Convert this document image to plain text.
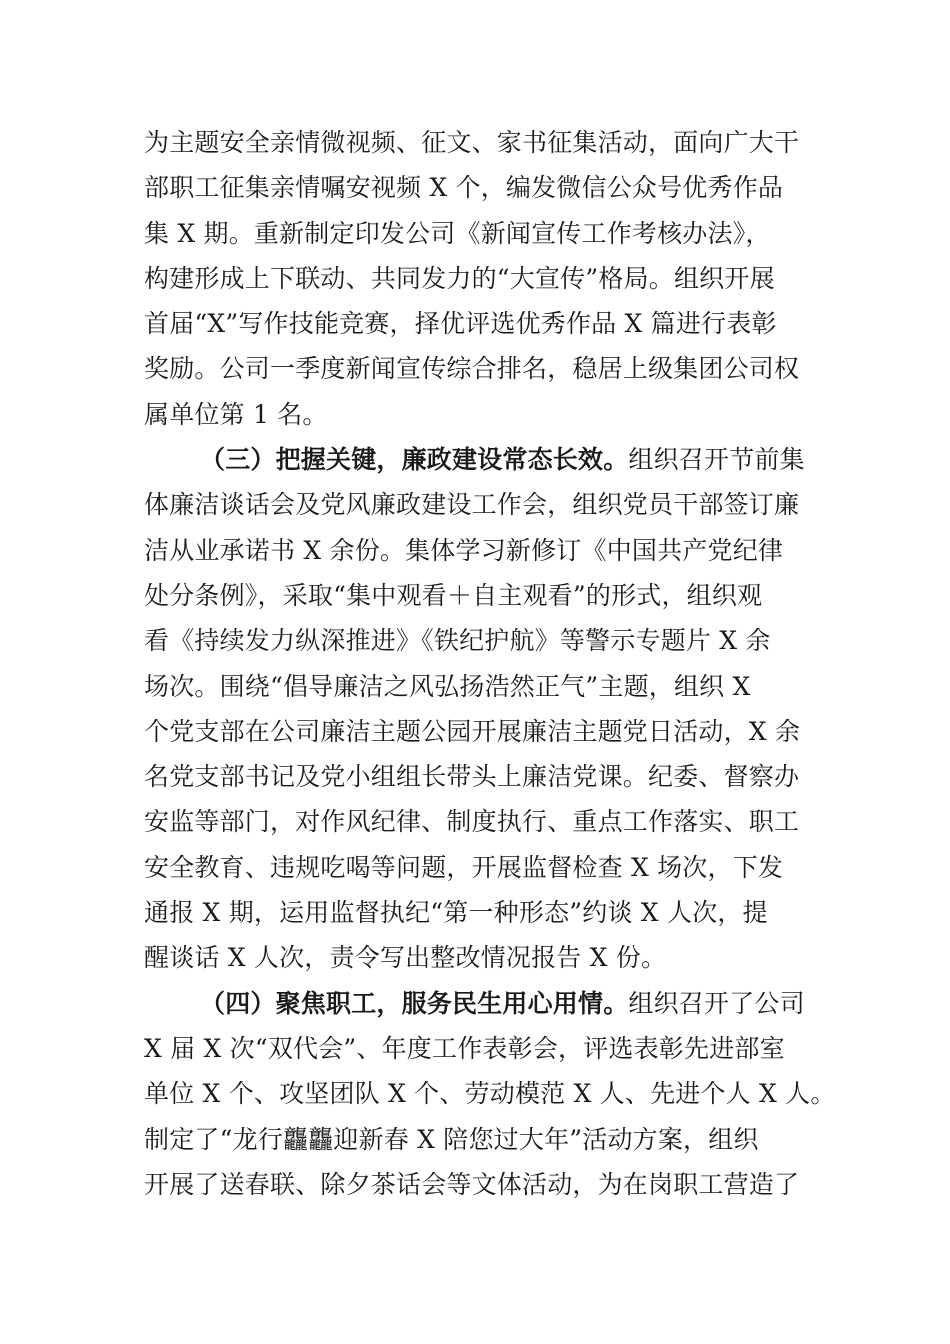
为主题安全亲情微视频、征文、家书征集活动，面向广大干
部职工征集亲情嘱安视频 X 个，编发微信公众号优秀作品
集 X 期。重新制定印发公司《新闻宣传工作考核办法》，
构建形成上下联动、共同发力的“大宣传”格局。组织开展
首届“X”写作技能竞赛，择优评选优秀作品 X 篇进行表彰
奖励。公司一季度新闻宣传综合排名，稳居上级集团公司权
属单位第 1 名。
（三）把握关键，廉政建设常态长效。组织召开节前集
体廉洁谈话会及党风廉政建设工作会，组织党员干部签订廉
洁从业承诺书 X 余份。集体学习新修订《中国共产党纪律
处分条例》，采取“集中观看＋自主观看”的形式，组织观
看《持续发力纵深推进》《铁纪护航》等警示专题片 X 余
场次。围绕“倡导廉洁之风弘扬浩然正气”主题，组织 X
个党支部在公司廉洁主题公园开展廉洁主题党日活动，X 余
名党支部书记及党小组组长带头上廉洁党课。纪委、督察办
安监等部门，对作风纪律、制度执行、重点工作落实、职工
安全教育、违规吃喝等问题，开展监督检查 X 场次，下发
通报 X 期，运用监督执纪“第一种形态”约谈 X 人次，提
醒谈话 X 人次，责令写出整改情况报告 X 份。
（四）聚焦职工，服务民生用心用情。组织召开了公司
X 届 X 次“双代会”、年度工作表彰会，评选表彰先进部室
单位 X 个、攻坚团队 X 个、劳动模范 X 人、先进个人 X 人。
制定了“龙行龘龘迎新春 X 陪您过大年”活动方案，组织
开展了送春联、除夕茶话会等文体活动，为在岗职工营造了
